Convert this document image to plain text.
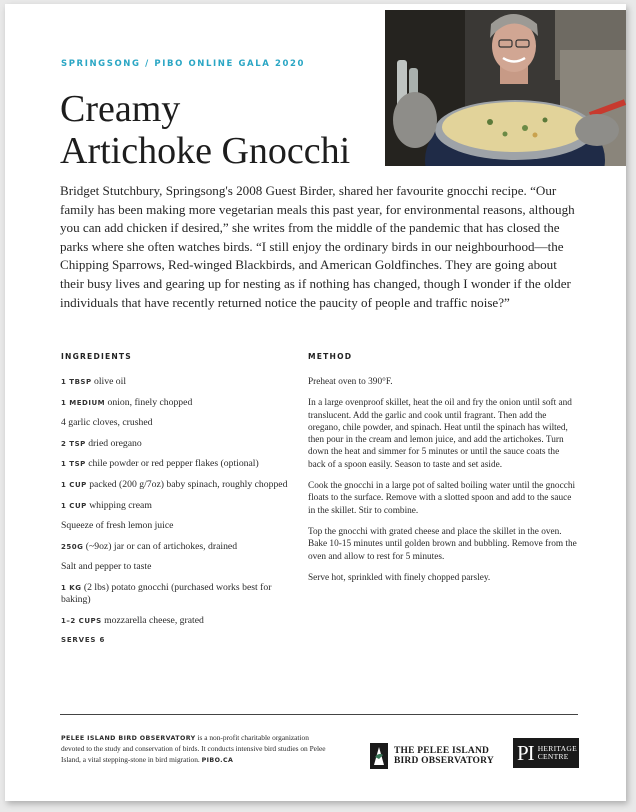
SPRINGSONG / PIBO ONLINE GALA 2020
Creamy
Artichoke Gnocchi

Bridget Stutchbury, Springsong's 2008 Guest Birder, shared her favourite gnocchi recipe. “Our family has been making more vegetarian meals this past year, for environmental reasons, although you can add chicken if desired,” she writes from the middle of the pandemic that has closed the parks where she often watches birds. “I still enjoy the ordinary birds in our neighbourhood—the Chipping Sparrows, Red-winged Blackbirds, and American Goldfinches. They are going about their busy lives and gearing up for nesting as if nothing has changed, though I wonder if the older individuals that have recently returned notice the paucity of people and traffic noise?”

INGREDIENTS
1 TBSP olive oil
1 MEDIUM onion, finely chopped
4 garlic cloves, crushed
2 TSP dried oregano
1 TSP chile powder or red pepper flakes (optional)
1 CUP packed (200 g/7oz) baby spinach, roughly chopped
1 CUP whipping cream
Squeeze of fresh lemon juice
250G (~9oz) jar or can of artichokes, drained
Salt and pepper to taste
1 KG (2 lbs) potato gnocchi (purchased works best for baking)
1–2 CUPS mozzarella cheese, grated
SERVES 6
METHOD

Preheat oven to 390°F.

In a large ovenproof skillet, heat the oil and fry the onion until soft and translucent. Add the garlic and cook until fragrant. Then add the oregano, chile powder, and spinach. Heat until the spinach has wilted, then pour in the cream and lemon juice, and add the artichokes. Turn down the heat and simmer for 5 minutes or until the sauce coats the back of a spoon easily. Season to taste and set aside.

Cook the gnocchi in a large pot of salted boiling water until the gnocchi floats to the surface. Remove with a slotted spoon and add to the sauce in the skillet. Stir to combine.

Top the gnocchi with grated cheese and place the skillet in the oven. Bake 10-15 minutes until golden brown and bubbling. Remove from the oven and allow to rest for 5 minutes.

Serve hot, sprinkled with finely chopped parsley.

PELEE ISLAND BIRD OBSERVATORY is a non-profit charitable organization devoted to the study and conservation of birds. It conducts intensive bird studies on Pelee Island, a vital stepping-stone in bird migration. PIBO.CA

THE PELEE ISLAND
BIRD OBSERVATORY PI HERITAGE
CENTRE
